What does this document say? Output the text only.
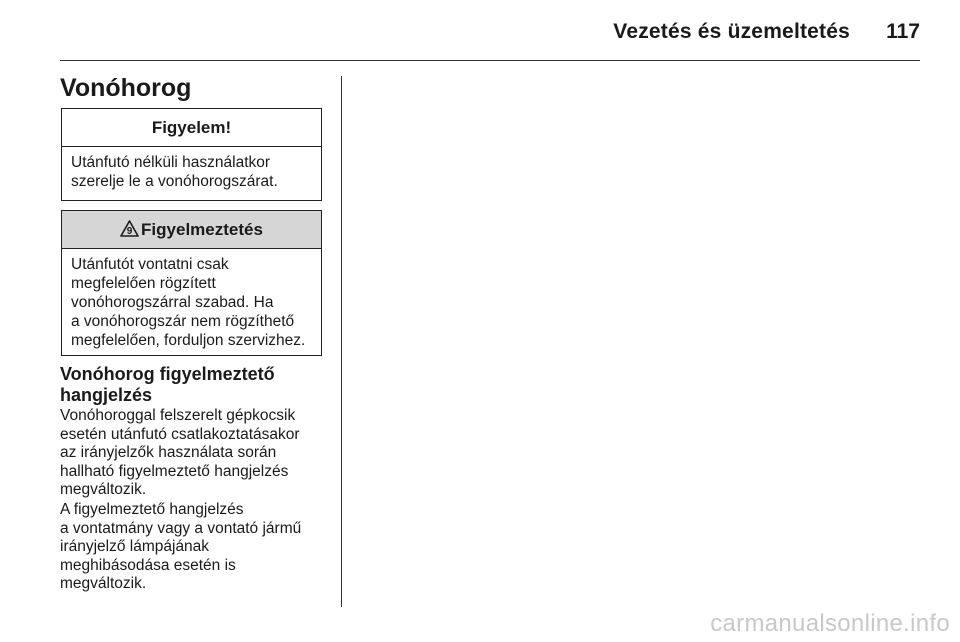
Vezetés és üzemeltetés	117
Vonóhorog
Figyelem!
Utánfutó nélküli használatkor
szerelje le a vonóhorogszárat.
9 Figyelmeztetés
Utánfutót vontatni csak
megfelelően rögzített
vonóhorogszárral szabad. Ha
a vonóhorogszár nem rögzíthető
megfelelően, forduljon szervizhez.
Vonóhorog figyelmeztető
hangjelzés
Vonóhoroggal felszerelt gépkocsik
esetén utánfutó csatlakoztatásakor
az irányjelzők használata során
hallható figyelmeztető hangjelzés
megváltozik.
A figyelmeztető hangjelzés
a vontatmány vagy a vontató jármű
irányjelző lámpájának
meghibásodása esetén is
megváltozik.
carmanualsonline.info
